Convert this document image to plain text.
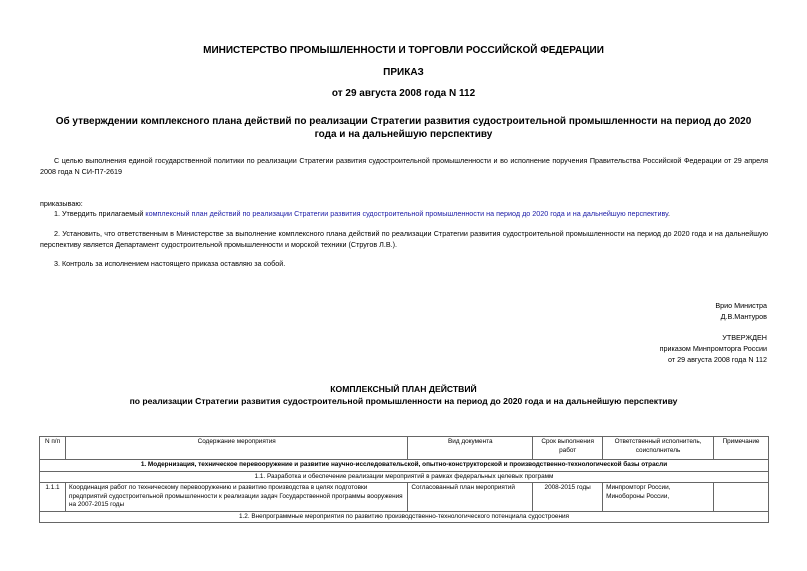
МИНИСТЕРСТВО ПРОМЫШЛЕННОСТИ И ТОРГОВЛИ РОССИЙСКОЙ ФЕДЕРАЦИИ
ПРИКАЗ
от 29 августа 2008 года N 112
Об утверждении комплексного плана действий по реализации Стратегии развития судостроительной промышленности на период до 2020 года и на дальнейшую перспективу
С целью выполнения единой государственной политики по реализации Стратегии развития судостроительной промышленности и во исполнение поручения Правительства Российской Федерации от 29 апреля 2008 года N СИ-П7-2619
приказываю:
1. Утвердить прилагаемый комплексный план действий по реализации Стратегии развития судостроительной промышленности на период до 2020 года и на дальнейшую перспективу.
2. Установить, что ответственным в Министерстве за выполнение комплексного плана действий по реализации Стратегии развития судостроительной промышленности на период до 2020 года и на дальнейшую перспективу является Департамент судостроительной промышленности и морской техники (Стругов Л.В.).
3. Контроль за исполнением настоящего приказа оставляю за собой.
Врио Министра
Д.В.Мантуров
УТВЕРЖДЕН
приказом Минпромторга России
от 29 августа 2008 года N 112
КОМПЛЕКСНЫЙ ПЛАН ДЕЙСТВИЙ
по реализации Стратегии развития судостроительной промышленности на период до 2020 года и на дальнейшую перспективу
N п/п	Содержание мероприятия	Вид документа	Срок выполнения работ	Ответственный исполнитель, соисполнитель	Примечание
1. Модернизация, техническое перевооружение и развитие научно-исследовательской, опытно-конструкторской и производственно-технологической базы отрасли					
1.1. Разработка и обеспечение реализации мероприятий в рамках федеральных целевых программ					
1.1.1	Координация работ по техническому перевооружению и развитию производства в целях подготовки предприятий судостроительной промышленности к реализации задач Государственной программы вооружения на 2007-2015 годы	Согласованный план мероприятий	2008-2015 годы	Минпромторг России, Минобороны России,	
1.2. Внепрограммные мероприятия по развитию производственно-технологического потенциала судостроения					
